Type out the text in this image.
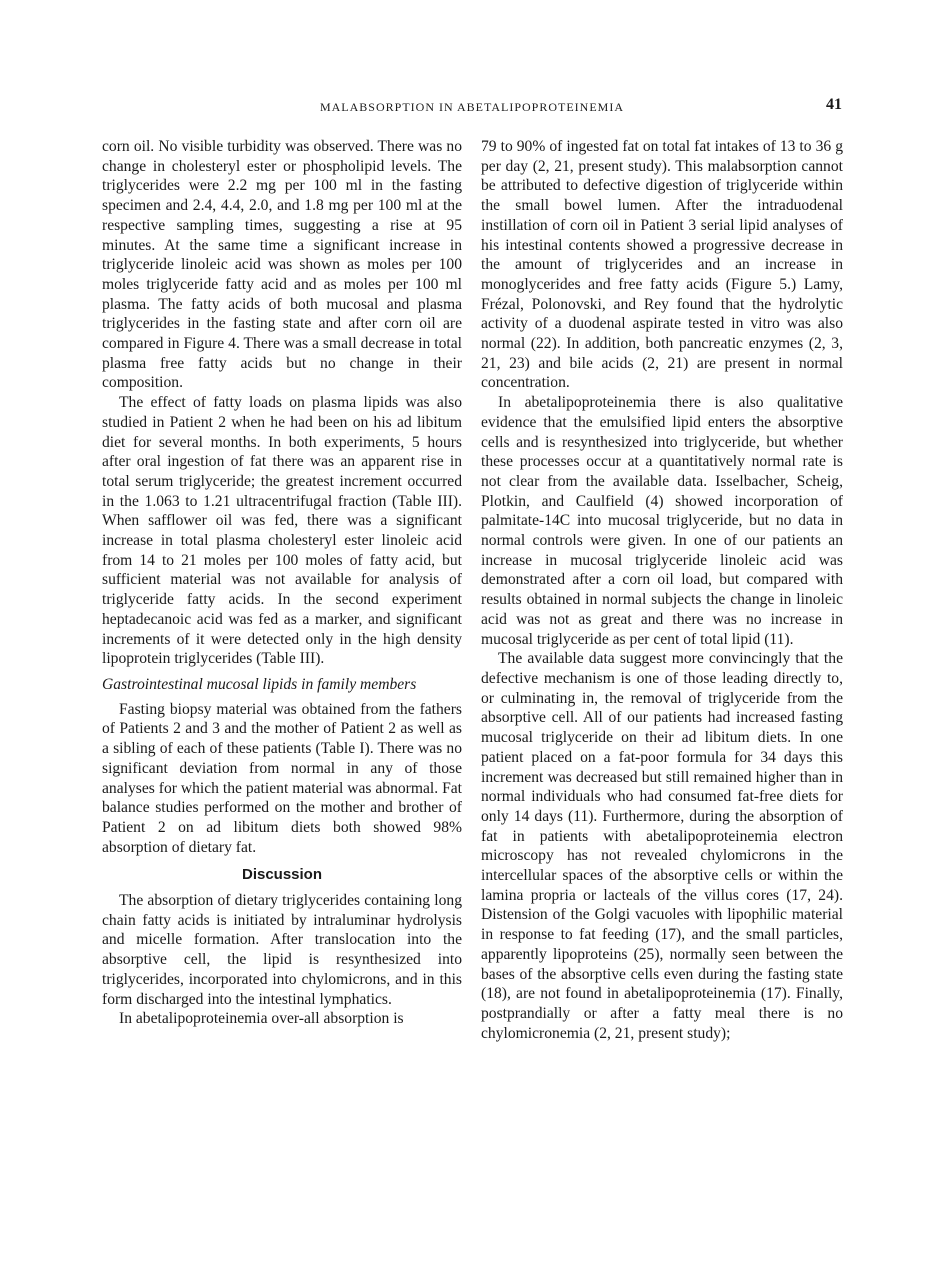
MALABSORPTION IN ABETALIPOPROTEINEMIA	41

corn oil. No visible turbidity was observed. There was no change in cholesteryl ester or phospholipid levels. The triglycerides were 2.2 mg per 100 ml in the fasting specimen and 2.4, 4.4, 2.0, and 1.8 mg per 100 ml at the respective sampling times, suggesting a rise at 95 minutes. At the same time a significant increase in triglyceride linoleic acid was shown as moles per 100 moles triglyceride fatty acid and as moles per 100 ml plasma. The fatty acids of both mucosal and plasma triglycerides in the fasting state and after corn oil are compared in Figure 4. There was a small decrease in total plasma free fatty acids but no change in their composition.

The effect of fatty loads on plasma lipids was also studied in Patient 2 when he had been on his ad libitum diet for several months. In both experiments, 5 hours after oral ingestion of fat there was an apparent rise in total serum triglyceride; the greatest increment occurred in the 1.063 to 1.21 ultracentrifugal fraction (Table III). When safflower oil was fed, there was a significant increase in total plasma cholesteryl ester linoleic acid from 14 to 21 moles per 100 moles of fatty acid, but sufficient material was not available for analysis of triglyceride fatty acids. In the second experiment heptadecanoic acid was fed as a marker, and significant increments of it were detected only in the high density lipoprotein triglycerides (Table III).

Gastrointestinal mucosal lipids in family members

Fasting biopsy material was obtained from the fathers of Patients 2 and 3 and the mother of Patient 2 as well as a sibling of each of these patients (Table I). There was no significant deviation from normal in any of those analyses for which the patient material was abnormal. Fat balance studies performed on the mother and brother of Patient 2 on ad libitum diets both showed 98% absorption of dietary fat.

Discussion

The absorption of dietary triglycerides containing long chain fatty acids is initiated by intraluminar hydrolysis and micelle formation. After translocation into the absorptive cell, the lipid is resynthesized into triglycerides, incorporated into chylomicrons, and in this form discharged into the intestinal lymphatics.

In abetalipoproteinemia over-all absorption is

79 to 90% of ingested fat on total fat intakes of 13 to 36 g per day (2, 21, present study). This malabsorption cannot be attributed to defective digestion of triglyceride within the small bowel lumen. After the intraduodenal instillation of corn oil in Patient 3 serial lipid analyses of his intestinal contents showed a progressive decrease in the amount of triglycerides and an increase in monoglycerides and free fatty acids (Figure 5.) Lamy, Frézal, Polonovski, and Rey found that the hydrolytic activity of a duodenal aspirate tested in vitro was also normal (22). In addition, both pancreatic enzymes (2, 3, 21, 23) and bile acids (2, 21) are present in normal concentration.

In abetalipoproteinemia there is also qualitative evidence that the emulsified lipid enters the absorptive cells and is resynthesized into triglyceride, but whether these processes occur at a quantitatively normal rate is not clear from the available data. Isselbacher, Scheig, Plotkin, and Caulfield (4) showed incorporation of palmitate-14C into mucosal triglyceride, but no data in normal controls were given. In one of our patients an increase in mucosal triglyceride linoleic acid was demonstrated after a corn oil load, but compared with results obtained in normal subjects the change in linoleic acid was not as great and there was no increase in mucosal triglyceride as per cent of total lipid (11).

The available data suggest more convincingly that the defective mechanism is one of those leading directly to, or culminating in, the removal of triglyceride from the absorptive cell. All of our patients had increased fasting mucosal triglyceride on their ad libitum diets. In one patient placed on a fat-poor formula for 34 days this increment was decreased but still remained higher than in normal individuals who had consumed fat-free diets for only 14 days (11). Furthermore, during the absorption of fat in patients with abetalipoproteinemia electron microscopy has not revealed chylomicrons in the intercellular spaces of the absorptive cells or within the lamina propria or lacteals of the villus cores (17, 24). Distension of the Golgi vacuoles with lipophilic material in response to fat feeding (17), and the small particles, apparently lipoproteins (25), normally seen between the bases of the absorptive cells even during the fasting state (18), are not found in abetalipoproteinemia (17). Finally, postprandially or after a fatty meal there is no chylomicronemia (2, 21, present study);
